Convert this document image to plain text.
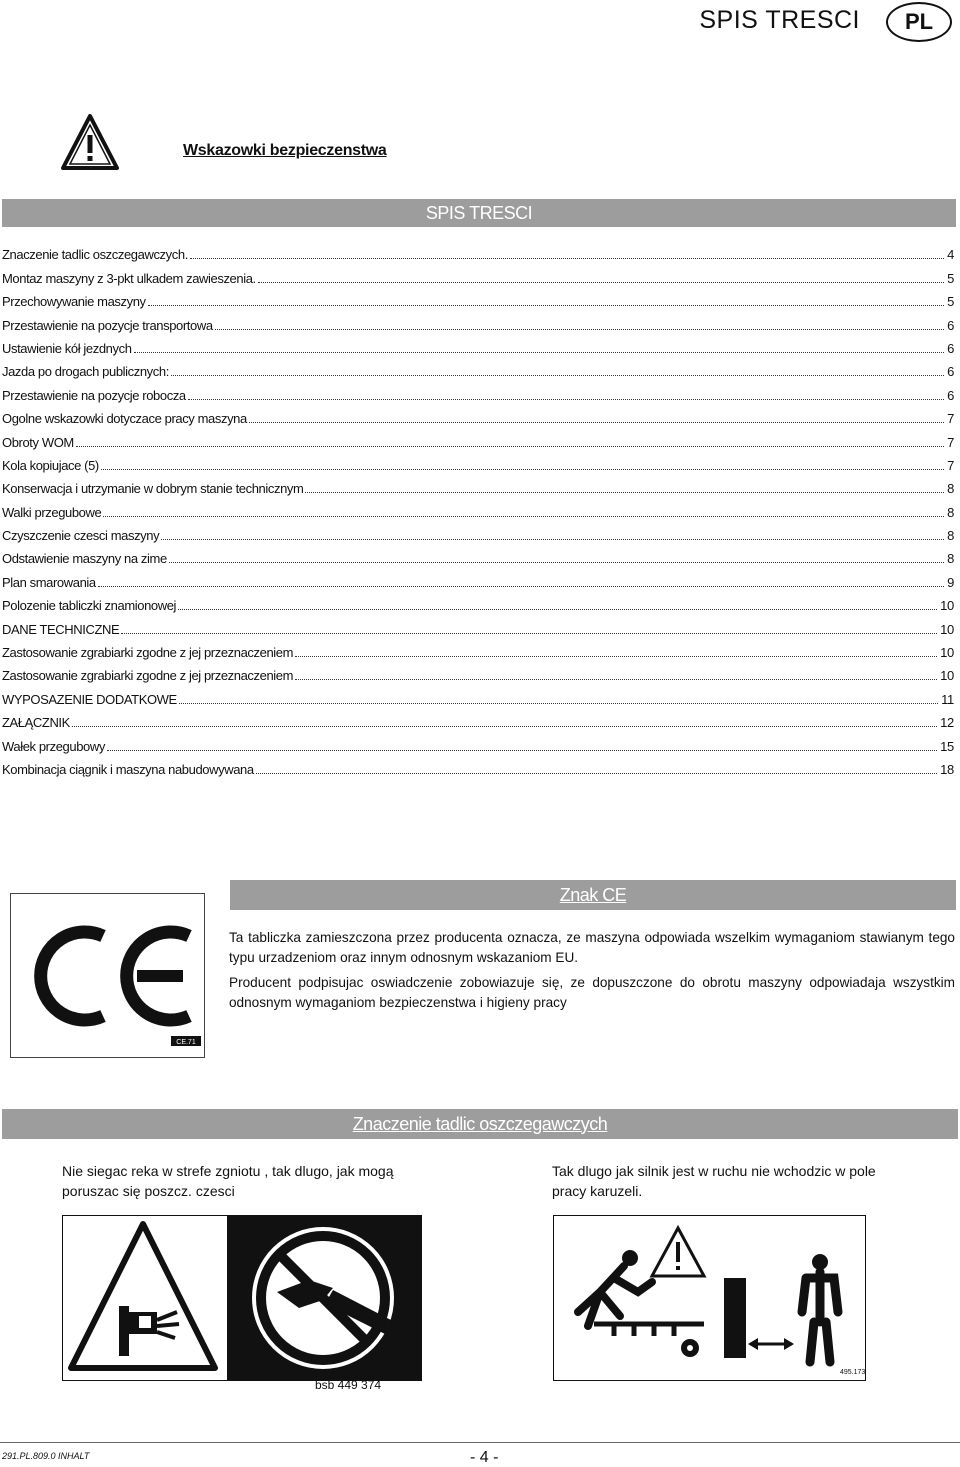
SPIS TRESCI	PL
Wskazowki bezpieczenstwa
SPIS TRESCI
Znaczenie tadlic oszczegawczych.	4
Montaz maszyny z 3-pkt ulkadem zawieszenia.	5
Przechowywanie maszyny	5
Przestawienie na pozycje transportowa	6
Ustawienie kół jezdnych	6
Jazda po drogach publicznych:	6
Przestawienie na pozycje robocza	6
Ogolne wskazowki dotyczace pracy maszyna	7
Obroty WOM	7
Kola kopiujace (5)	7
Konserwacja i utrzymanie w dobrym stanie technicznym	8
Walki przegubowe	8
Czyszczenie czesci maszyny	8
Odstawienie maszyny na zime	8
Plan smarowania	9
Polozenie tabliczki znamionowej	10
DANE TECHNICZNE	10
Zastosowanie zgrabiarki zgodne z jej przeznaczeniem	10
Zastosowanie zgrabiarki zgodne z jej przeznaczeniem	10
WYPOSAZENIE DODATKOWE	11
ZAŁĄCZNIK	12
Wałek przegubowy	15
Kombinacja ciągnik i maszyna nabudowywana	18
CE.71
Znak CE

Ta tabliczka zamieszczona przez producenta oznacza, ze maszyna odpowiada wszelkim wymaganiom stawianym tego typu urzadzeniom oraz innym odnosnym wskazaniom EU.

Producent podpisujac oswiadczenie zobowiazuje się, ze dopuszczone do obrotu maszyny odpowiadaja wszystkim odnosnym wymaganiom bezpieczenstwa i higieny pracy

Znaczenie tadlic oszczegawczych

Nie siegac reka w strefe zgniotu , tak dlugo, jak mogą poruszac się poszcz. czesci

Tak dlugo jak silnik jest w ruchu nie wchodzic w pole pracy karuzeli.

bsb 449 374
495.173
291.PL.809.0 INHALT	- 4 -
